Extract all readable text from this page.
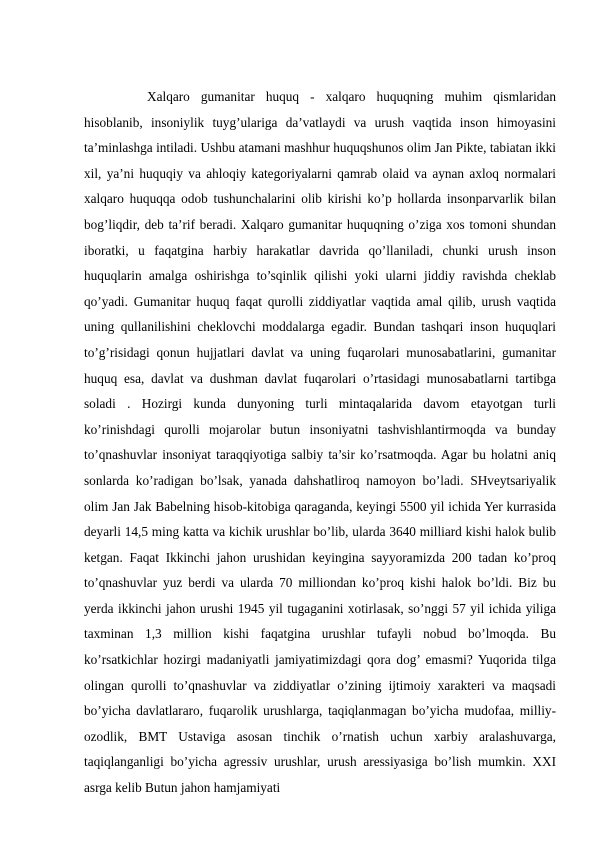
Xalqaro gumanitar huquq - xalqaro huquqning muhim qismlaridan hisoblanib, insoniylik tuyg’ulariga da’vatlaydi va urush vaqtida inson himoyasini ta’minlashga intiladi. Ushbu atamani mashhur huquqshunos olim Jan Pikte, tabiatan ikki xil, ya’ni huquqiy va ahloqiy kategoriyalarni qamrab olaid va aynan axloq normalari xalqaro huquqqa odob tushunchalarini olib kirishi ko’p hollarda insonparvarlik bilan bog’liqdir, deb ta’rif beradi. Xalqaro gumanitar huquqning o’ziga xos tomoni shundan iboratki, u faqatgina harbiy harakatlar davrida qo’llaniladi, chunki urush inson huquqlarin amalga oshirishga to’sqinlik qilishi yoki ularni jiddiy ravishda cheklab qo’yadi. Gumanitar huquq faqat qurolli ziddiyatlar vaqtida amal qilib, urush vaqtida uning qullanilishini cheklovchi moddalarga egadir. Bundan tashqari inson huquqlari to’g’risidagi qonun hujjatlari davlat va uning fuqarolari munosabatlarini, gumanitar huquq esa, davlat va dushman davlat fuqarolari o’rtasidagi munosabatlarni tartibga soladi . Hozirgi kunda dunyoning turli mintaqalarida davom etayotgan turli ko’rinishdagi qurolli mojarolar butun insoniyatni tashvishlantirmoqda va bunday to’qnashuvlar insoniyat taraqqiyotiga salbiy ta’sir ko’rsatmoqda. Agar bu holatni aniq sonlarda ko’radigan bo’lsak, yanada dahshatliroq namoyon bo’ladi. SHveytsariyalik olim Jan Jak Babelning hisob-kitobiga qaraganda, keyingi 5500 yil ichida Yer kurrasida deyarli 14,5 ming katta va kichik urushlar bo’lib, ularda 3640 milliard kishi halok bulib ketgan. Faqat Ikkinchi jahon urushidan keyingina sayyoramizda 200 tadan ko’proq to’qnashuvlar yuz berdi va ularda 70 milliondan ko’proq kishi halok bo’ldi. Biz bu yerda ikkinchi jahon urushi 1945 yil tugaganini xotirlasak, so’nggi 57 yil ichida yiliga taxminan 1,3 million kishi faqatgina urushlar tufayli nobud bo’lmoqda. Bu ko’rsatkichlar hozirgi madaniyatli jamiyatimizdagi qora dog’ emasmi? Yuqorida tilga olingan qurolli to’qnashuvlar va ziddiyatlar o’zining ijtimoiy xarakteri va maqsadi bo’yicha davlatlararo, fuqarolik urushlarga, taqiqlanmagan bo’yicha mudofaa, milliy-ozodlik, BMT Ustaviga asosan tinchik o’rnatish uchun xarbiy aralashuvarga, taqiqlanganligi bo’yicha agressiv urushlar, urush aressiyasiga bo’lish mumkin. XXI asrga kelib Butun jahon hamjamiyati
